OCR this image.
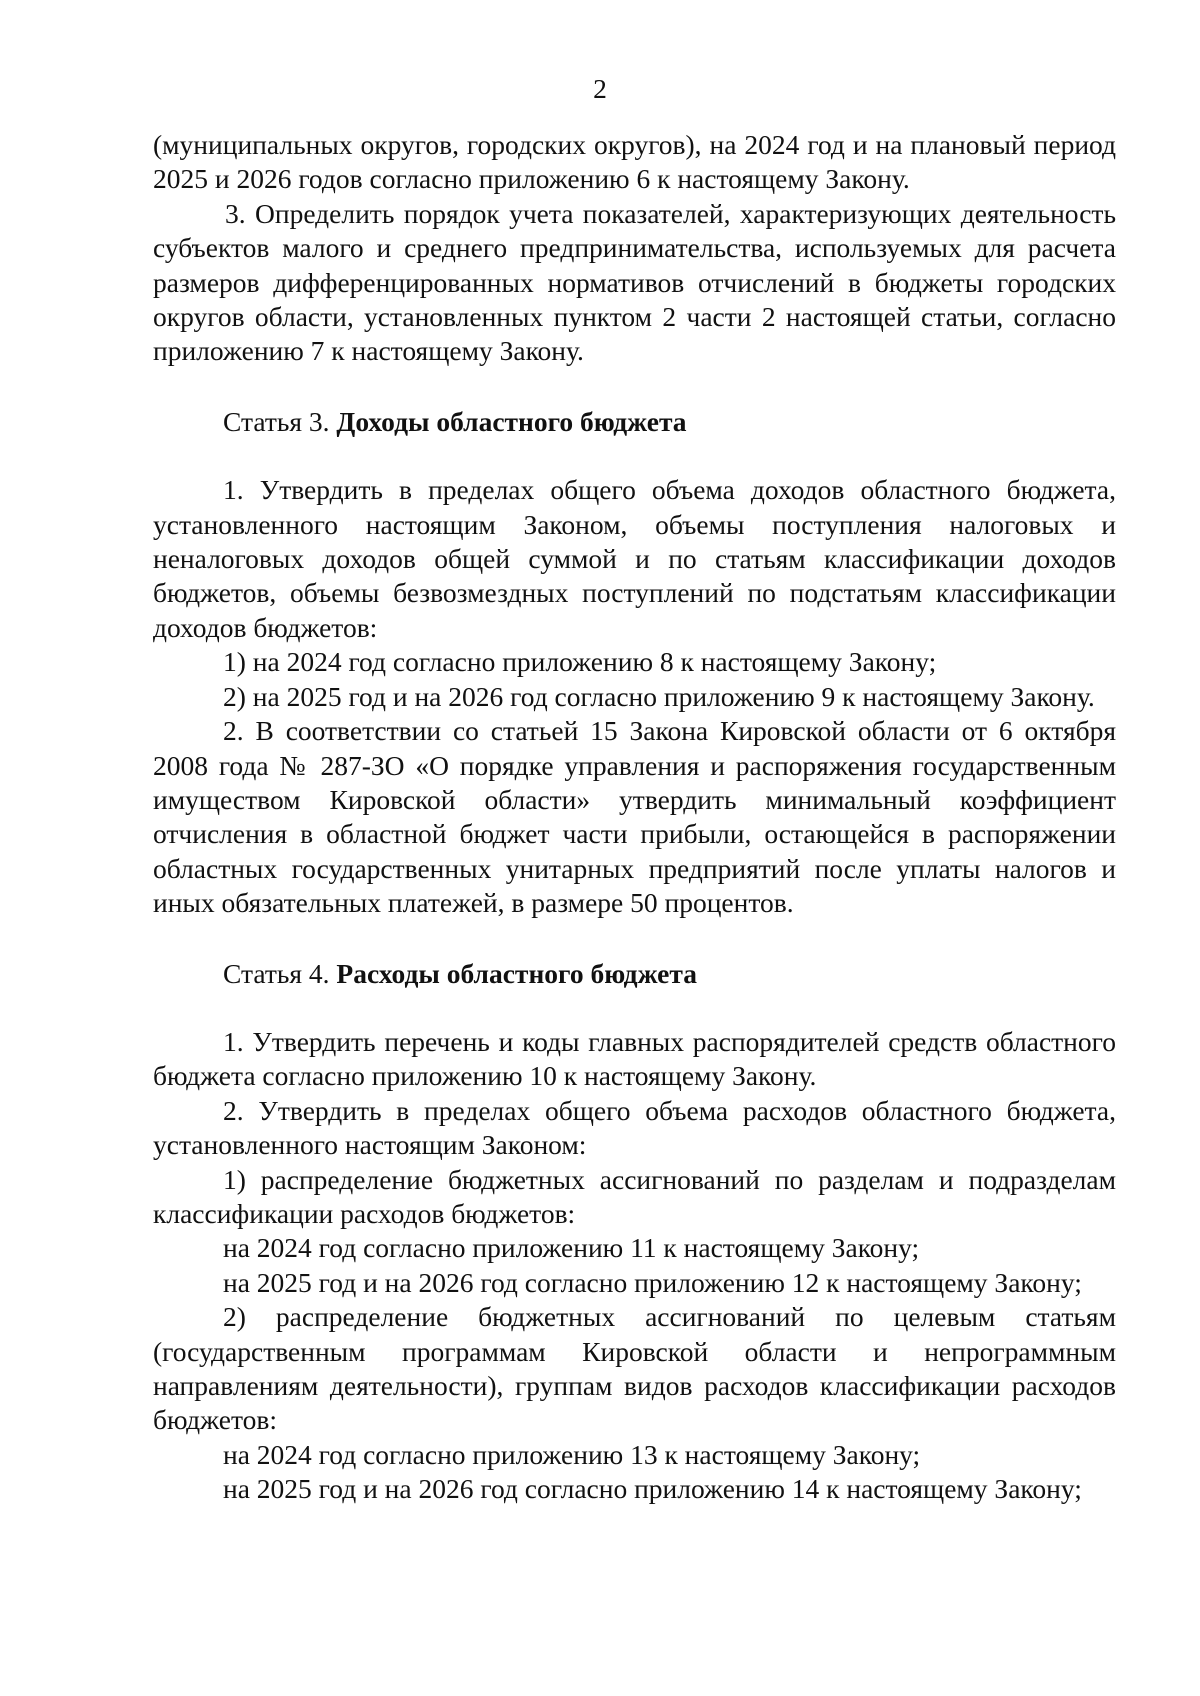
2

(муниципальных округов, городских округов), на 2024 год и на плановый период 2025 и 2026 годов согласно приложению 6 к настоящему Закону.

3. Определить порядок учета показателей, характеризующих деятельность субъектов малого и среднего предпринимательства, используемых для расчета размеров дифференцированных нормативов отчислений в бюджеты городских округов области, установленных пунктом 2 части 2 настоящей статьи, согласно приложению 7 к настоящему Закону.

Статья 3. Доходы областного бюджета

1. Утвердить в пределах общего объема доходов областного бюджета, установленного настоящим Законом, объемы поступления налоговых и неналоговых доходов общей суммой и по статьям классификации доходов бюджетов, объемы безвозмездных поступлений по подстатьям классификации доходов бюджетов:

1) на 2024 год согласно приложению 8 к настоящему Закону;

2) на 2025 год и на 2026 год согласно приложению 9 к настоящему Закону.

2. В соответствии со статьей 15 Закона Кировской области от 6 октября 2008 года № 287-ЗО «О порядке управления и распоряжения государственным имуществом Кировской области» утвердить минимальный коэффициент отчисления в областной бюджет части прибыли, остающейся в распоряжении областных государственных унитарных предприятий после уплаты налогов и иных обязательных платежей, в размере 50 процентов.

Статья 4. Расходы областного бюджета

1. Утвердить перечень и коды главных распорядителей средств областного бюджета согласно приложению 10 к настоящему Закону.

2. Утвердить в пределах общего объема расходов областного бюджета, установленного настоящим Законом:

1) распределение бюджетных ассигнований по разделам и подразделам классификации расходов бюджетов:

на 2024 год согласно приложению 11 к настоящему Закону;

на 2025 год и на 2026 год согласно приложению 12 к настоящему Закону;

2) распределение бюджетных ассигнований по целевым статьям (государственным программам Кировской области и непрограммным направлениям деятельности), группам видов расходов классификации расходов бюджетов:

на 2024 год согласно приложению 13 к настоящему Закону;

на 2025 год и на 2026 год согласно приложению 14 к настоящему Закону;
